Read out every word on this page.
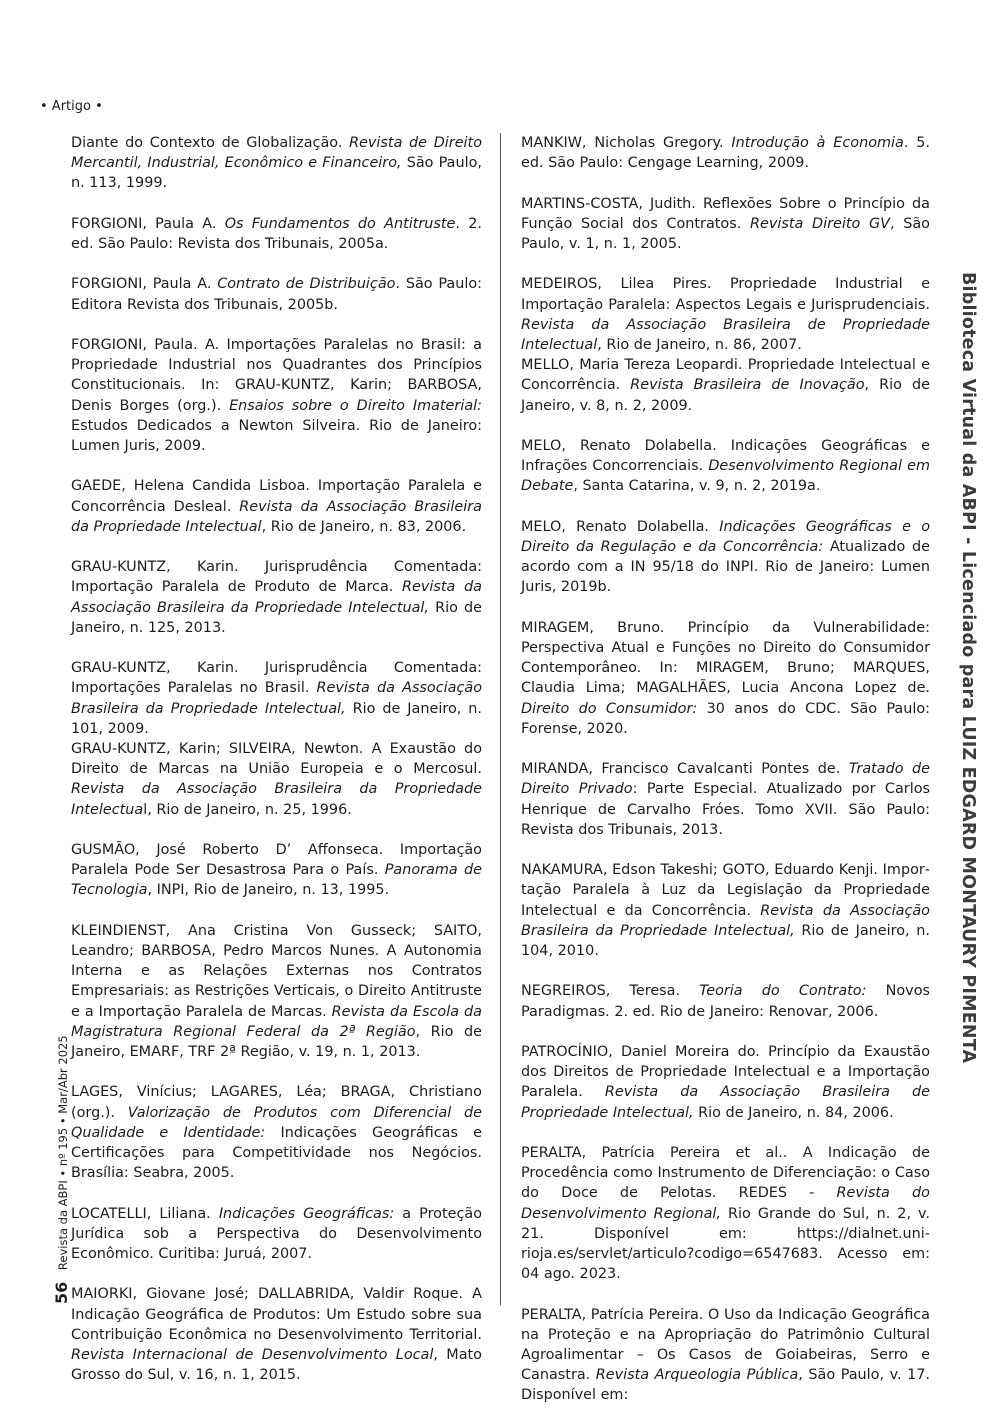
• Artigo •

Diante do Contexto de Globalização. Revista de Direito Mercantil, Industrial, Econômico e Financeiro, São Paulo, n. 113, 1999.

FORGIONI, Paula A. Os Fundamentos do Antitruste. 2. ed. São Paulo: Revista dos Tribunais, 2005a.

FORGIONI, Paula A. Contrato de Distribuição. São Paulo: Editora Revista dos Tribunais, 2005b.

FORGIONI, Paula. A. Importações Paralelas no Brasil: a Propriedade Industrial nos Quadrantes dos Princípios Constitucionais. In: GRAU-KUNTZ, Karin; BARBOSA, Denis Borges (org.). Ensaios sobre o Direito Imaterial: Estudos Dedicados a Newton Silveira. Rio de Janeiro: Lumen Juris, 2009.

GAEDE, Helena Candida Lisboa. Importação Paralela e Concorrência Desleal. Revista da Associação Brasileira da Propriedade Intelectual, Rio de Janeiro, n. 83, 2006.

GRAU-KUNTZ, Karin. Jurisprudência Comentada: Importação Paralela de Produto de Marca. Revista da Associação Brasileira da Propriedade Intelectual, Rio de Janeiro, n. 125, 2013.

GRAU-KUNTZ, Karin. Jurisprudência Comentada: Importações Paralelas no Brasil. Revista da Associação Brasileira da Propriedade Intelectual, Rio de Janeiro, n. 101, 2009.

GRAU-KUNTZ, Karin; SILVEIRA, Newton. A Exaustão do Direito de Marcas na União Europeia e o Mercosul. Revista da Associação Brasileira da Propriedade Intelectual, Rio de Janeiro, n. 25, 1996.

GUSMÃO, José Roberto D’ Affonseca. Importação Paralela Pode Ser Desastrosa Para o País. Panorama de Tecnologia, INPI, Rio de Janeiro, n. 13, 1995.

KLEINDIENST, Ana Cristina Von Gusseck; SAITO, Leandro; BARBOSA, Pedro Marcos Nunes. A Autonomia Interna e as Relações Externas nos Contratos Empresariais: as Restrições Verticais, o Direito Antitruste e a Importação Paralela de Marcas. Revista da Escola da Magistratura Regional Federal da 2ª Região, Rio de Janeiro, EMARF, TRF 2ª Região, v. 19, n. 1, 2013.

LAGES, Vinícius; LAGARES, Léa; BRAGA, Christiano (org.). Valorização de Produtos com Diferencial de Qualidade e Identidade: Indicações Geográficas e Certificações para Competitividade nos Negócios. Brasília: Seabra, 2005.

LOCATELLI, Liliana. Indicações Geográficas: a Proteção Jurídica sob a Perspectiva do Desenvolvimento Econômico. Curitiba: Juruá, 2007.

MAIORKI, Giovane José; DALLABRIDA, Valdir Roque. A Indicação Geográfica de Produtos: Um Estudo sobre sua Contribuição Econômica no Desenvolvimento Territorial. Revista Internacional de Desenvolvimento Local, Mato Grosso do Sul, v. 16, n. 1, 2015.

MANKIW, Nicholas Gregory. Introdução à Economia. 5. ed. São Paulo: Cengage Learning, 2009.

MARTINS-COSTA, Judith. Reflexões Sobre o Princípio da Função Social dos Contratos. Revista Direito GV, São Paulo, v. 1, n. 1, 2005.

MEDEIROS, Lilea Pires. Propriedade Industrial e Importação Paralela: Aspectos Legais e Jurisprudenciais. Revista da Associação Brasileira de Propriedade Intelectual, Rio de Janeiro, n. 86, 2007.

MELLO, Maria Tereza Leopardi. Propriedade Intelectual e Concorrência. Revista Brasileira de Inovação, Rio de Janeiro, v. 8, n. 2, 2009.

MELO, Renato Dolabella. Indicações Geográficas e Infrações Concorrenciais. Desenvolvimento Regional em Debate, Santa Catarina, v. 9, n. 2, 2019a.

MELO, Renato Dolabella. Indicações Geográficas e o Direito da Regulação e da Concorrência: Atualizado de acordo com a IN 95/18 do INPI. Rio de Janeiro: Lumen Juris, 2019b.

MIRAGEM, Bruno. Princípio da Vulnerabilidade: Perspectiva Atual e Funções no Direito do Consumidor Contemporâneo. In: MIRAGEM, Bruno; MARQUES, Claudia Lima; MAGALHÃES, Lucia Ancona Lopez de. Direito do Consumidor: 30 anos do CDC. São Paulo: Forense, 2020.

MIRANDA, Francisco Cavalcanti Pontes de. Tratado de Direito Privado: Parte Especial. Atualizado por Carlos Henrique de Carvalho Fróes. Tomo XVII. São Paulo: Revista dos Tribunais, 2013.

NAKAMURA, Edson Takeshi; GOTO, Eduardo Kenji. Importação Paralela à Luz da Legislação da Propriedade Intelectual e da Concorrência. Revista da Associação Brasileira da Propriedade Intelectual, Rio de Janeiro, n. 104, 2010.

NEGREIROS, Teresa. Teoria do Contrato: Novos Paradigmas. 2. ed. Rio de Janeiro: Renovar, 2006.

PATROCÍNIO, Daniel Moreira do. Princípio da Exaustão dos Direitos de Propriedade Intelectual e a Importação Paralela. Revista da Associação Brasileira de Propriedade Intelectual, Rio de Janeiro, n. 84, 2006.

PERALTA, Patrícia Pereira et al.. A Indicação de Procedência como Instrumento de Diferenciação: o Caso do Doce de Pelotas. REDES - Revista do Desenvolvimento Regional, Rio Grande do Sul, n. 2, v. 21. Disponível em: https://dialnet.unirioja.es/servlet/articulo?codigo=6547683. Acesso em: 04 ago. 2023.

PERALTA, Patrícia Pereira. O Uso da Indicação Geográfica na Proteção e na Apropriação do Patrimônio Cultural Agroalimentar – Os Casos de Goiabeiras, Serro e Canastra. Revista Arqueologia Pública, São Paulo, v. 17. Disponível em:

56 Revista da ABPI • nº 195 • Mar/Abr 2025
Biblioteca Virtual da ABPI - Licenciado para LUIZ EDGARD MONTAURY PIMENTA
